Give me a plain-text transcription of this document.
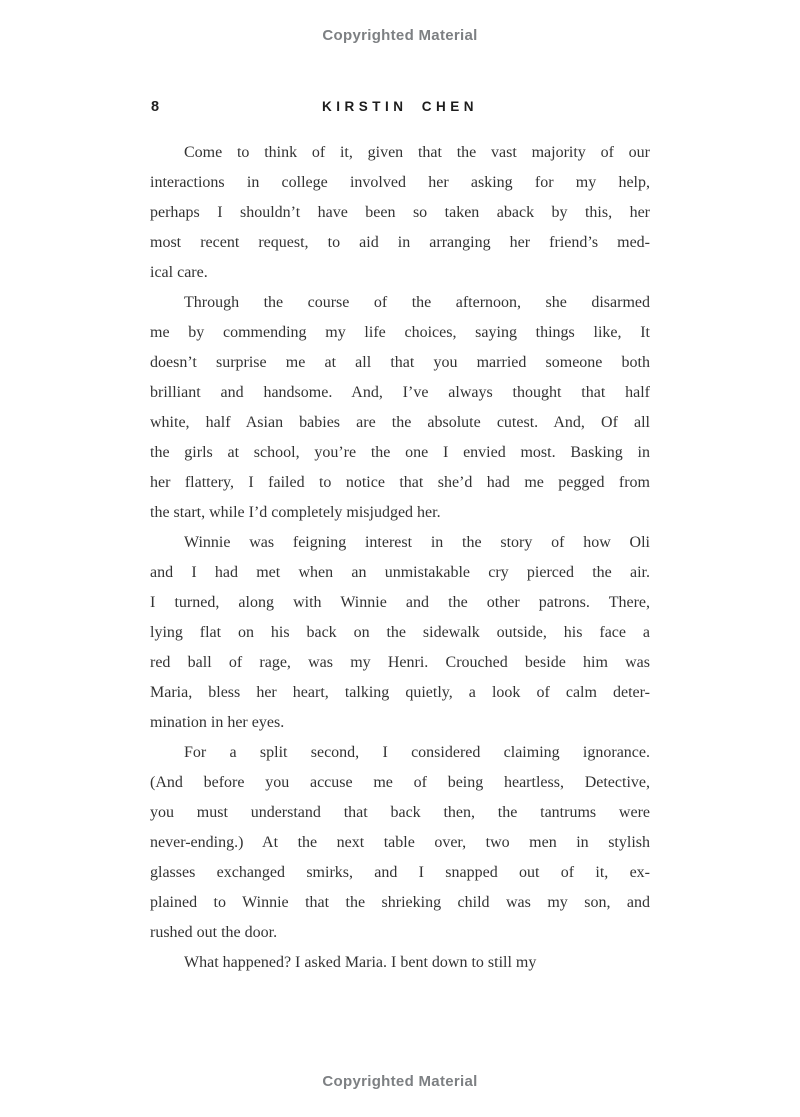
Copyrighted Material
8	KIRSTIN CHEN
Come to think of it, given that the vast majority of our
interactions in college involved her asking for my help,
perhaps I shouldn’t have been so taken aback by this, her
most recent request, to aid in arranging her friend’s med-
ical care.
Through the course of the afternoon, she disarmed
me by commending my life choices, saying things like, It
doesn’t surprise me at all that you married someone both
brilliant and handsome. And, I’ve always thought that half
white, half Asian babies are the absolute cutest. And, Of all
the girls at school, you’re the one I envied most. Basking in
her flattery, I failed to notice that she’d had me pegged from
the start, while I’d completely misjudged her.
Winnie was feigning interest in the story of how Oli
and I had met when an unmistakable cry pierced the air.
I turned, along with Winnie and the other patrons. There,
lying flat on his back on the sidewalk outside, his face a
red ball of rage, was my Henri. Crouched beside him was
Maria, bless her heart, talking quietly, a look of calm deter-
mination in her eyes.
For a split second, I considered claiming ignorance.
(And before you accuse me of being heartless, Detective,
you must understand that back then, the tantrums were
never-ending.) At the next table over, two men in stylish
glasses exchanged smirks, and I snapped out of it, ex-
plained to Winnie that the shrieking child was my son, and
rushed out the door.
What happened? I asked Maria. I bent down to still my
Copyrighted Material
